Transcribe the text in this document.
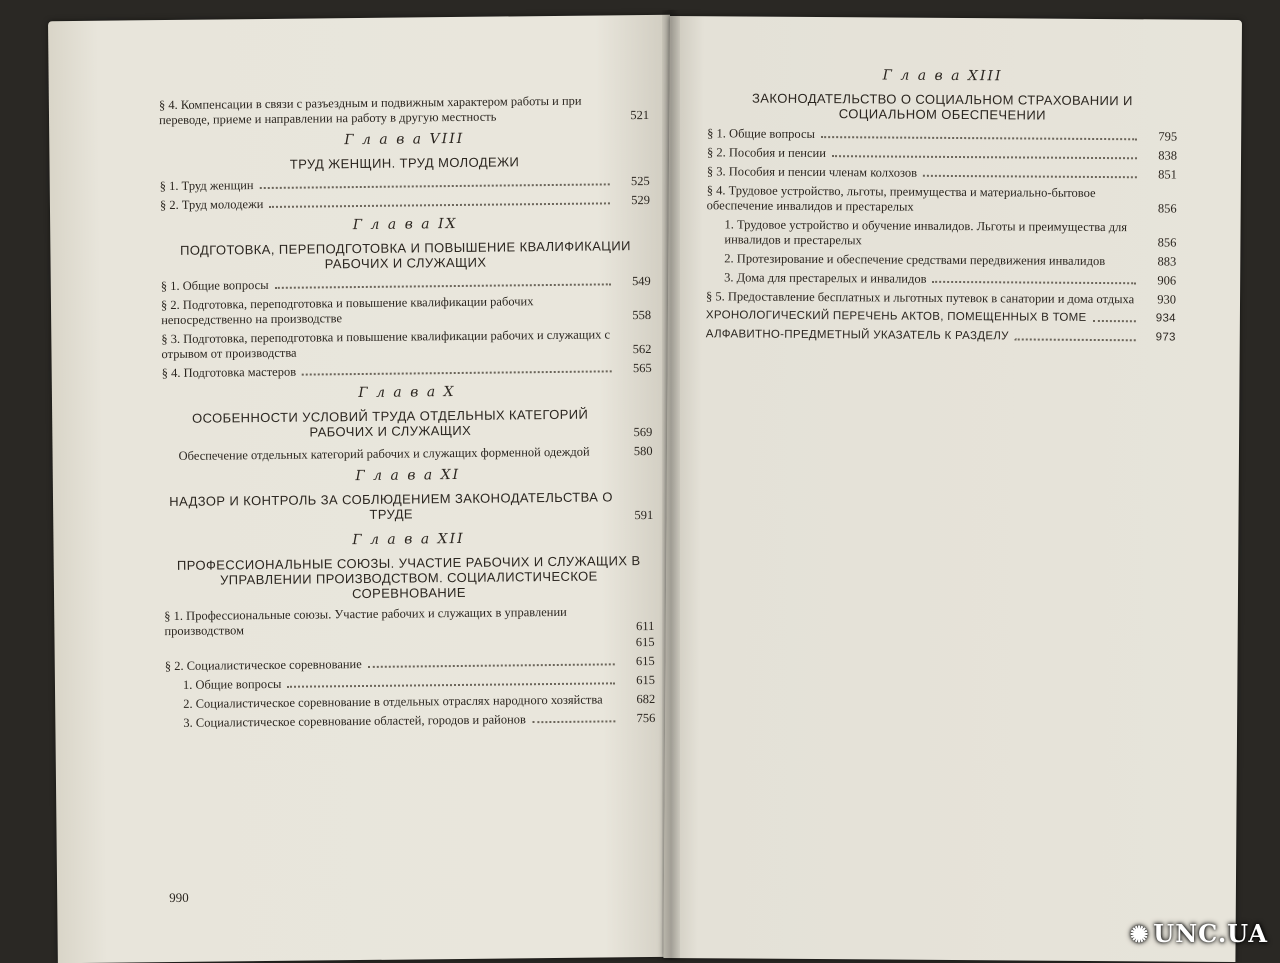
§ 4. Компенсации в связи с разъездным и подвижным характером работы и при переводе, приеме и направлении на работу в другую местность	521
Г л а в а VIII
ТРУД ЖЕНЩИН. ТРУД МОЛОДЕЖИ
§ 1. Труд женщин	525
§ 2. Труд молодежи	529
Г л а в а IX
ПОДГОТОВКА, ПЕРЕПОДГОТОВКА И ПОВЫШЕНИЕ КВАЛИФИКАЦИИ РАБОЧИХ И СЛУЖАЩИХ
§ 1. Общие вопросы	549
§ 2. Подготовка, переподготовка и повышение квалификации рабочих непосредственно на производстве	558
§ 3. Подготовка, переподготовка и повышение квалификации рабочих и служащих с отрывом от производства	562
§ 4. Подготовка мастеров	565
Г л а в а X
ОСОБЕННОСТИ УСЛОВИЙ ТРУДА ОТДЕЛЬНЫХ КАТЕГОРИЙ РАБОЧИХ И СЛУЖАЩИХ	569
Обеспечение отдельных категорий рабочих и служащих форменной одеждой	580
Г л а в а XI
НАДЗОР И КОНТРОЛЬ ЗА СОБЛЮДЕНИЕМ ЗАКОНОДАТЕЛЬСТВА О ТРУДЕ	591
Г л а в а XII
ПРОФЕССИОНАЛЬНЫЕ СОЮЗЫ. УЧАСТИЕ РАБОЧИХ И СЛУЖАЩИХ В УПРАВЛЕНИИ ПРОИЗВОДСТВОМ. СОЦИАЛИСТИЧЕСКОЕ СОРЕВНОВАНИЕ
§ 1. Профессиональные союзы. Участие рабочих и служащих в управлении производством	611
615
§ 2. Социалистическое соревнование	615
1. Общие вопросы	615
2. Социалистическое соревнование в отдельных отраслях народного хозяйства	682
3. Социалистическое соревнование областей, городов и районов	756
990
Г л а в а XIII
ЗАКОНОДАТЕЛЬСТВО О СОЦИАЛЬНОМ СТРАХОВАНИИ И СОЦИАЛЬНОМ ОБЕСПЕЧЕНИИ
§ 1. Общие вопросы	795
§ 2. Пособия и пенсии	838
§ 3. Пособия и пенсии членам колхозов	851
§ 4. Трудовое устройство, льготы, преимущества и материально-бытовое обеспечение инвалидов и престарелых	856
1. Трудовое устройство и обучение инвалидов. Льготы и преимущества для инвалидов и престарелых	856
2. Протезирование и обеспечение средствами передвижения инвалидов	883
3. Дома для престарелых и инвалидов	906
§ 5. Предоставление бесплатных и льготных путевок в санатории и дома отдыха	930
ХРОНОЛОГИЧЕСКИЙ ПЕРЕЧЕНЬ АКТОВ, ПОМЕЩЕННЫХ В ТОМЕ	934
АЛФАВИТНО-ПРЕДМЕТНЫЙ УКАЗАТЕЛЬ К РАЗДЕЛУ	973
✺ UNC.UA
